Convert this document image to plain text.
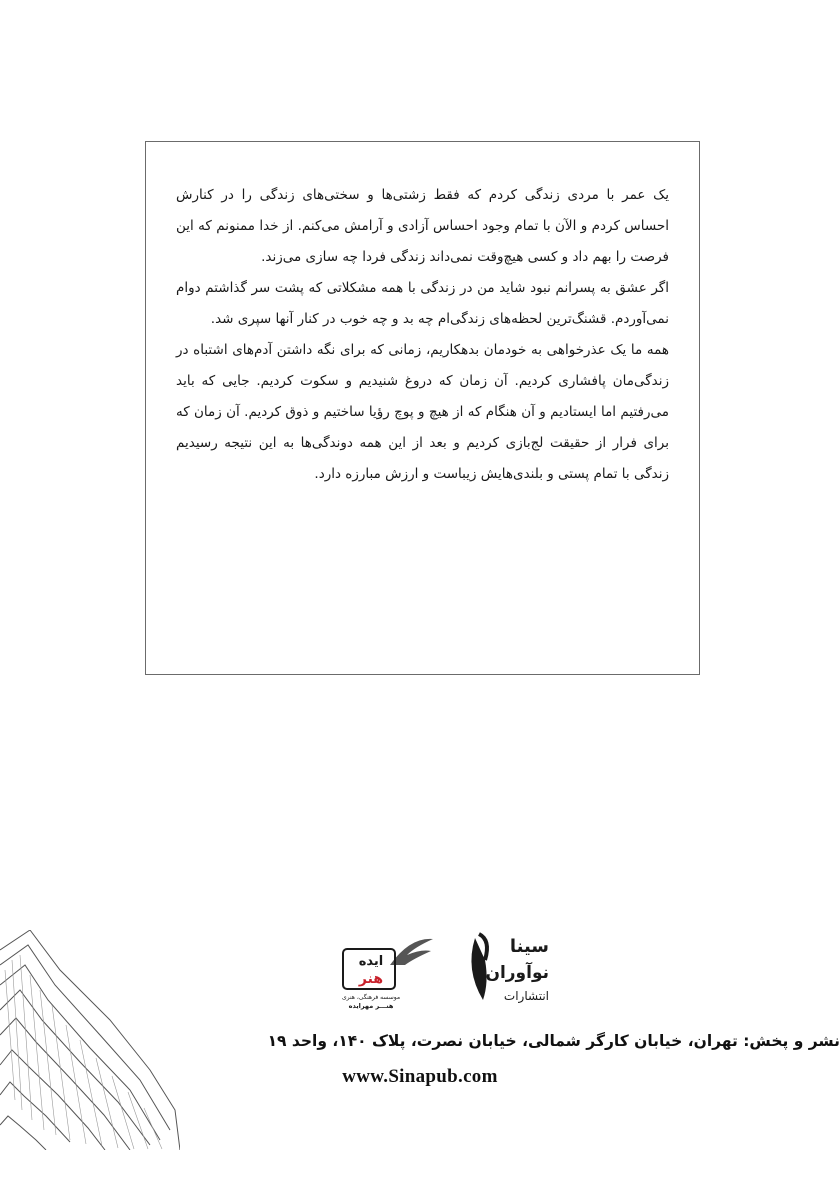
یک عمر با مردی زندگی کردم که فقط زشتی‌ها و سختی‌های زندگی را در کنارش احساس کردم و الآن با تمام وجود احساس آزادی و آرامش می‌کنم. از خدا ممنونم که این فرصت را بهم داد و کسی هیچ‌وقت نمی‌داند زندگی فردا چه سازی می‌زند.

اگر عشق به پسرانم نبود شاید من در زندگی با همه مشکلاتی که پشت سر گذاشتم دوام نمی‌آوردم. قشنگ‌ترین لحظه‌های زندگی‌ام چه بد و چه خوب در کنار آنها سپری شد.

همه ما یک عذرخواهی به خودمان بدهکاریم، زمانی که برای نگه داشتن آدم‌های اشتباه در زندگی‌مان پافشاری کردیم. آن زمان که دروغ شنیدیم و سکوت کردیم. جایی که باید می‌رفتیم اما ایستادیم و آن هنگام که از هیچ و پوچ رؤیا ساختیم و ذوق کردیم. آن زمان که برای فرار از حقیقت لج‌بازی کردیم و بعد از این همه دوندگی‌ها به این نتیجه رسیدیم زندگی با تمام پستی و بلندی‌هایش زیباست و ارزش مبارزه دارد.

سینا
نوآوران
انتشارات
ایده
هنر
موسسه فرهنگی، هنری
هنـــر مهرایده
نشر و پخش: تهران، خیابان کارگر شمالی، خیابان نصرت، پلاک ۱۴۰، واحد ۱۹
www.Sinapub.com
